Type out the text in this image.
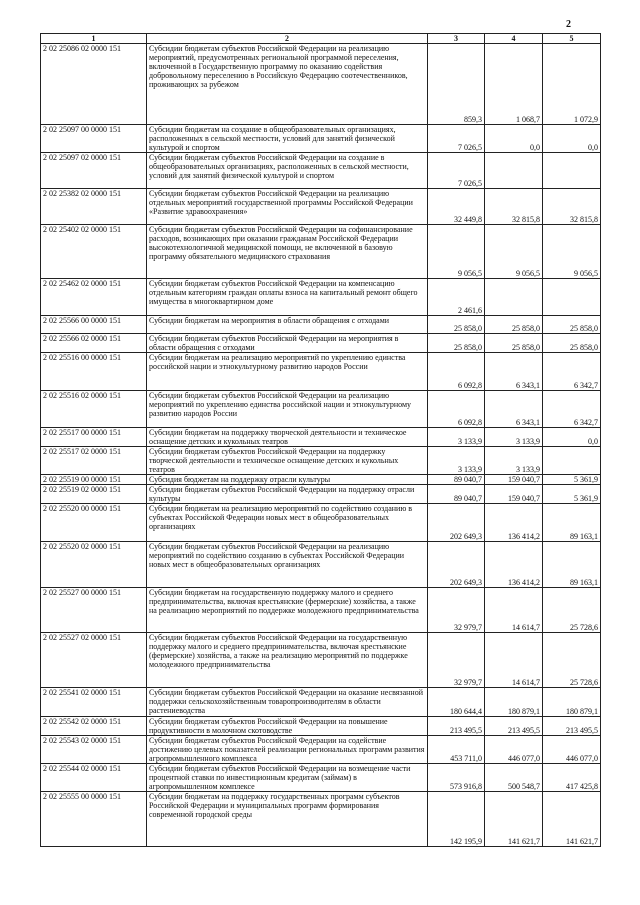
2
1	2	3	4	5
2 02 25086 02 0000 151	Субсидии бюджетам субъектов Российской Федерации на реализацию мероприятий, предусмотренных региональной программой переселения, включенной в Государственную программу по оказанию содействия добровольному переселению в Российскую Федерацию соотечественников, проживающих за рубежом	859,3	1 068,7	1 072,9
2 02 25097 00 0000 151	Субсидии бюджетам на создание в общеобразовательных организациях, расположенных в сельской местности, условий для занятий физической культурой и спортом	7 026,5	0,0	0,0
2 02 25097 02 0000 151	Субсидии бюджетам субъектов Российской Федерации на создание в общеобразовательных организациях, расположенных в сельской местности, условий для занятий физической культурой и спортом	7 026,5		
2 02 25382 02 0000 151	Субсидии бюджетам субъектов Российской Федерации на реализацию отдельных мероприятий государственной программы Российской Федерации «Развитие здравоохранения»	32 449,8	32 815,8	32 815,8
2 02 25402 02 0000 151	Субсидии бюджетам субъектов Российской Федерации на софинансирование расходов, возникающих при оказании гражданам Российской Федерации высокотехнологичной медицинской помощи, не включенной в базовую программу обязательного медицинского страхования	9 056,5	9 056,5	9 056,5
2 02 25462 02 0000 151	Субсидии бюджетам субъектов Российской Федерации на компенсацию отдельным категориям граждан оплаты взноса на капитальный ремонт общего имущества в многоквартирном доме	2 461,6		
2 02 25566 00 0000 151	Субсидии бюджетам на мероприятия в области обращения с отходами	25 858,0	25 858,0	25 858,0
2 02 25566 02 0000 151	Субсидии бюджетам субъектов Российской Федерации на мероприятия в области обращения с отходами	25 858,0	25 858,0	25 858,0
2 02 25516 00 0000 151	Субсидии бюджетам на реализацию мероприятий по укреплению единства российской нации и этнокультурному развитию народов России	6 092,8	6 343,1	6 342,7
2 02 25516 02 0000 151	Субсидии бюджетам субъектов Российской Федерации на реализацию мероприятий по укреплению единства российской нации и этнокультурному развитию народов России	6 092,8	6 343,1	6 342,7
2 02 25517 00 0000 151	Субсидии бюджетам на поддержку творческой деятельности и техническое оснащение детских и кукольных театров	3 133,9	3 133,9	0,0
2 02 25517 02 0000 151	Субсидии бюджетам субъектов Российской Федерации на поддержку творческой деятельности и техническое оснащение детских и кукольных театров	3 133,9	3 133,9	
2 02 25519 00 0000 151	Субсидия бюджетам на поддержку отрасли культуры	89 040,7	159 040,7	5 361,9
2 02 25519 02 0000 151	Субсидии бюджетам субъектов Российской Федерации на поддержку отрасли культуры	89 040,7	159 040,7	5 361,9
2 02 25520 00 0000 151	Субсидии бюджетам на реализацию мероприятий по содействию созданию в субъектах Российской Федерации новых мест в общеобразовательных организациях	202 649,3	136 414,2	89 163,1
2 02 25520 02 0000 151	Субсидии бюджетам субъектов Российской Федерации на реализацию мероприятий по содействию созданию в субъектах Российской Федерации новых мест в общеобразовательных организациях	202 649,3	136 414,2	89 163,1
2 02 25527 00 0000 151	Субсидии бюджетам на государственную поддержку малого и среднего предпринимательства, включая крестьянские (фермерские) хозяйства, а также на реализацию мероприятий по поддержке молодежного предпринимательства	32 979,7	14 614,7	25 728,6
2 02 25527 02 0000 151	Субсидии бюджетам субъектов Российской Федерации на государственную поддержку малого и среднего предпринимательства, включая крестьянские (фермерские) хозяйства, а также на реализацию мероприятий по поддержке молодежного предпринимательства	32 979,7	14 614,7	25 728,6
2 02 25541 02 0000 151	Субсидии бюджетам субъектов Российской Федерации на оказание несвязанной поддержки сельскохозяйственным товаропроизводителям в области растениеводства	180 644,4	180 879,1	180 879,1
2 02 25542 02 0000 151	Субсидии бюджетам субъектов Российской Федерации на повышение продуктивности в молочном скотоводстве	213 495,5	213 495,5	213 495,5
2 02 25543 02 0000 151	Субсидии бюджетам субъектов Российской Федерации на содействие достижению целевых показателей реализации региональных программ развития агропромышленного комплекса	453 711,0	446 077,0	446 077,0
2 02 25544 02 0000 151	Субсидии бюджетам субъектов Российской Федерации на возмещение части процентной ставки по инвестиционным кредитам (займам) в агропромышленном комплексе	573 916,8	500 548,7	417 425,8
2 02 25555 00 0000 151	Субсидии бюджетам на поддержку государственных программ субъектов Российской Федерации и муниципальных программ формирования современной городской среды	142 195,9	141 621,7	141 621,7
